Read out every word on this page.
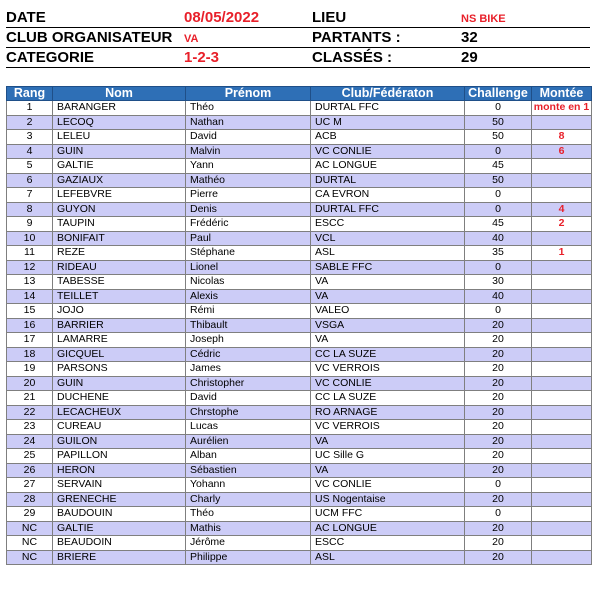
DATE	08/05/2022	LIEU	NS BIKE
CLUB ORGANISATEUR VA	PARTANTS :	32
CATEGORIE	1-2-3	CLASSÉS :	29
Rang	Nom	Prénom	Club/Fédératon	Challenge	Montée
1	BARANGER	Théo	DURTAL FFC	0	monte en 1
2	LECOQ	Nathan	UC M	50	
3	LELEU	David	ACB	50	8
4	GUIN	Malvin	VC CONLIE	0	6
5	GALTIE	Yann	AC LONGUE	45	
6	GAZIAUX	Mathéo	DURTAL	50	
7	LEFEBVRE	Pierre	CA EVRON	0	
8	GUYON	Denis	DURTAL FFC	0	4
9	TAUPIN	Frédéric	ESCC	45	2
10	BONIFAIT	Paul	VCL	40	
11	REZE	Stéphane	ASL	35	1
12	RIDEAU	Lionel	SABLE FFC	0	
13	TABESSE	Nicolas	VA	30	
14	TEILLET	Alexis	VA	40	
15	JOJO	Rémi	VALEO	0	
16	BARRIER	Thibault	VSGA	20	
17	LAMARRE	Joseph	VA	20	
18	GICQUEL	Cédric	CC LA SUZE	20	
19	PARSONS	James	VC VERROIS	20	
20	GUIN	Christopher	VC CONLIE	20	
21	DUCHENE	David	CC LA SUZE	20	
22	LECACHEUX	Chrstophe	RO ARNAGE	20	
23	CUREAU	Lucas	VC VERROIS	20	
24	GUILON	Aurélien	VA	20	
25	PAPILLON	Alban	UC Sille G	20	
26	HERON	Sébastien	VA	20	
27	SERVAIN	Yohann	VC CONLIE	0	
28	GRENECHE	Charly	US Nogentaise	20	
29	BAUDOUIN	Théo	UCM FFC	0	
NC	GALTIE	Mathis	AC LONGUE	20	
NC	BEAUDOIN	Jérôme	ESCC	20	
NC	BRIERE	Philippe	ASL	20	
